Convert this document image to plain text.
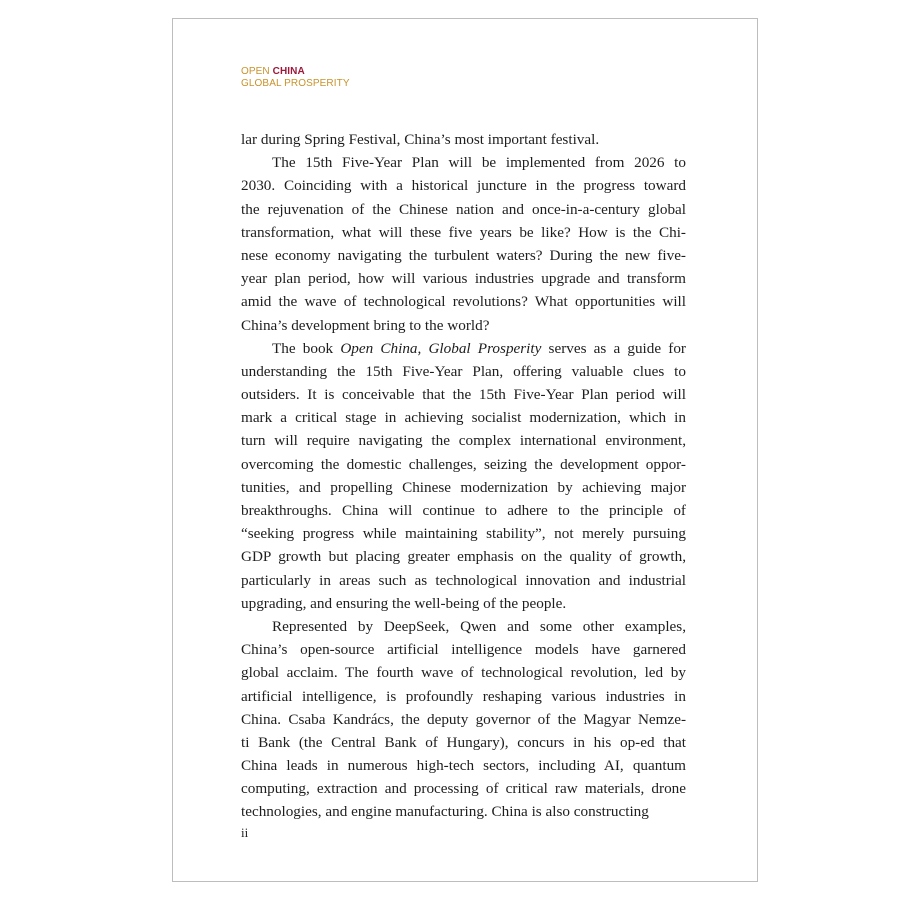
OPEN CHINA
GLOBAL PROSPERITY

lar during Spring Festival, China’s most important festival.

The 15th Five-Year Plan will be implemented from 2026 to
2030. Coinciding with a historical juncture in the progress toward
the rejuvenation of the Chinese nation and once-in-a-century global
transformation, what will these five years be like? How is the Chi-
nese economy navigating the turbulent waters? During the new five-
year plan period, how will various industries upgrade and transform
amid the wave of technological revolutions? What opportunities will
China’s development bring to the world?

The book Open China, Global Prosperity serves as a guide for
understanding the 15th Five-Year Plan, offering valuable clues to
outsiders. It is conceivable that the 15th Five-Year Plan period will
mark a critical stage in achieving socialist modernization, which in
turn will require navigating the complex international environment,
overcoming the domestic challenges, seizing the development oppor-
tunities, and propelling Chinese modernization by achieving major
breakthroughs. China will continue to adhere to the principle of
“seeking progress while maintaining stability”, not merely pursuing
GDP growth but placing greater emphasis on the quality of growth,
particularly in areas such as technological innovation and industrial
upgrading, and ensuring the well-being of the people.

Represented by DeepSeek, Qwen and some other examples,
China’s open-source artificial intelligence models have garnered
global acclaim. The fourth wave of technological revolution, led by
artificial intelligence, is profoundly reshaping various industries in
China. Csaba Kandrács, the deputy governor of the Magyar Nemze-
ti Bank (the Central Bank of Hungary), concurs in his op-ed that
China leads in numerous high-tech sectors, including AI, quantum
computing, extraction and processing of critical raw materials, drone
technologies, and engine manufacturing. China is also constructing

ii
